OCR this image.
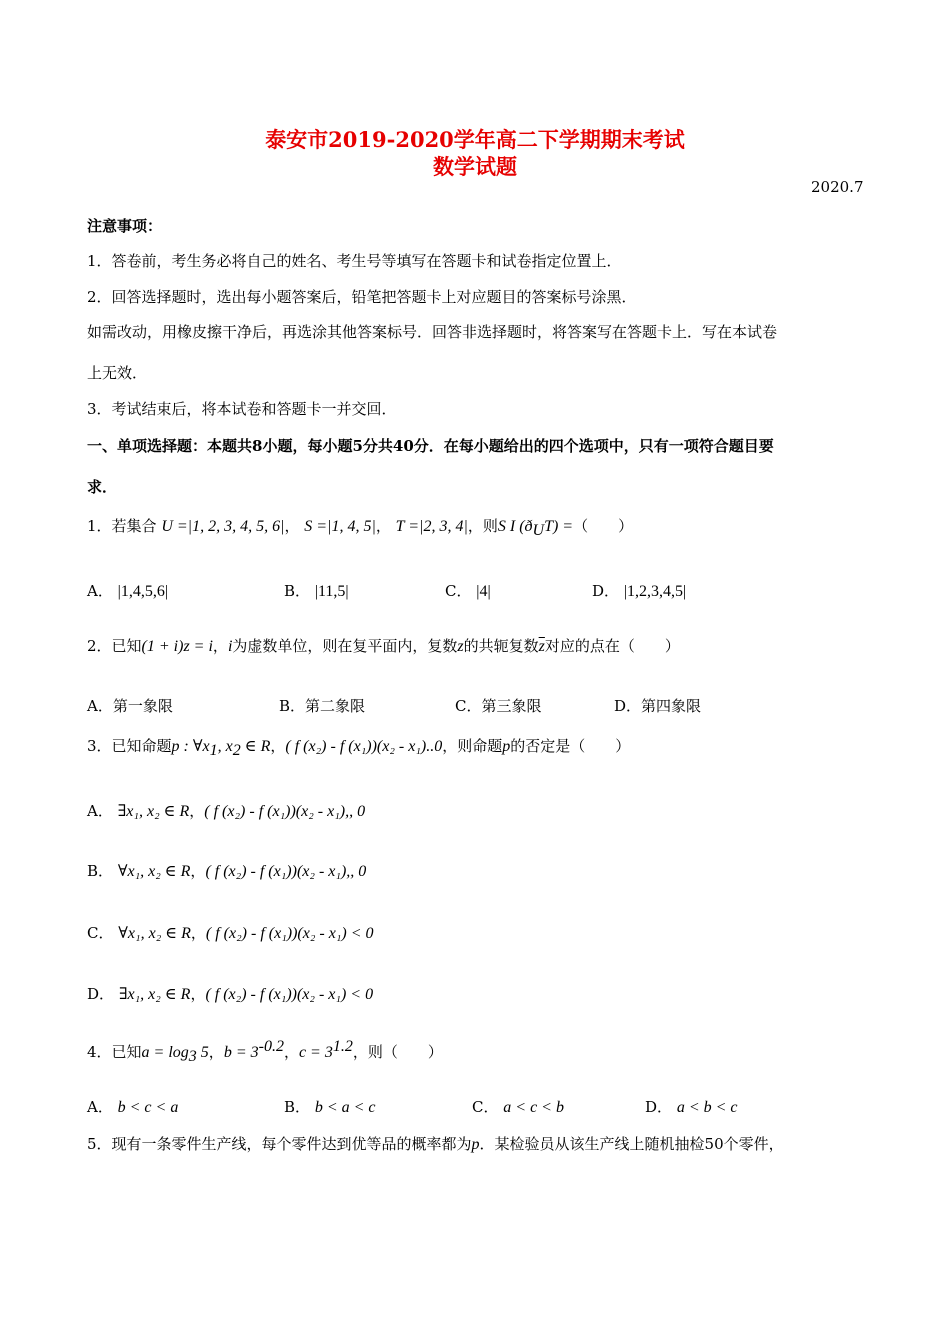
泰安市2019-2020学年高二下学期期末考试
数学试题
2020.7
注意事项：
1．答卷前，考生务必将自己的姓名、考生号等填写在答题卡和试卷指定位置上．
2．回答选择题时，选出每小题答案后，铅笔把答题卡上对应题目的答案标号涂黑．
如需改动，用橡皮擦干净后，再选涂其他答案标号．回答非选择题时，将答案写在答题卡上．写在本试卷
上无效．
3．考试结束后，将本试卷和答题卡一并交回．
一、单项选择题：本题共8小题，每小题5分共40分．在每小题给出的四个选项中，只有一项符合题目要
求．
1．若集合 U =|1, 2, 3, 4, 5, 6|， S =|1, 4, 5|， T =|2, 3, 4|，则S I $(ð_UT)$ =（　　）
A． |1,4,5,6|	B． |11,5|	C． |4|	D． |1,2,3,4,5|
2．已知(1 + i)z = i，i为虚数单位，则在复平面内，复数z的共轭复数$\overline{z}$对应的点在（　　）
A．第一象限	B．第二象限	C．第三象限	D．第四象限
3．已知命题p : $\forall x_1$, $x_2$ ∈ R，( f (x₂) - f (x₁))(x₂ - x₁)..0，则命题p的否定是（　　）
A． ∃x₁, x₂ ∈ R，( f (x₂) - f (x₁))(x₂ - x₁),, 0
B． ∀x₁, x₂ ∈ R，( f (x₂) - f (x₁))(x₂ - x₁),, 0
C． ∀x₁, x₂ ∈ R，( f (x₂) - f (x₁))(x₂ - x₁) < 0
D． ∃x₁, x₂ ∈ R，( f (x₂) - f (x₁))(x₂ - x₁) < 0
4．已知$a = \log_3 5$，$b = 3^{-0.2}$，$c = 3^{1.2}$，则（　　）
A． b < c < a	B． b < a < c	C． a < c < b	D． a < b < c
5．现有一条零件生产线，每个零件达到优等品的概率都为p．某检验员从该生产线上随机抽检50个零件，
